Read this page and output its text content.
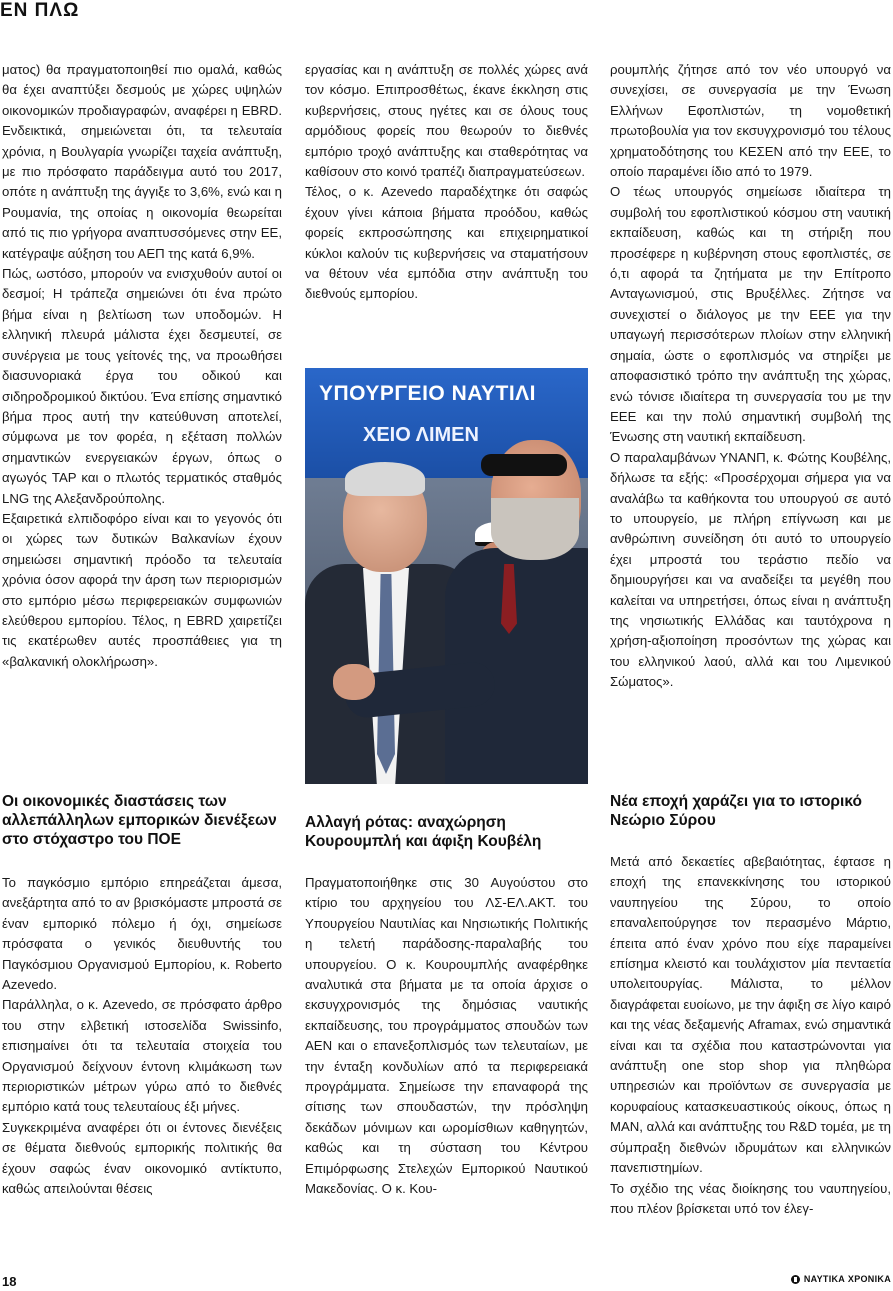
ΕΝ ΠΛΩ

ματος) θα πραγματοποιηθεί πιο ομαλά, καθώς θα έχει αναπτύξει δεσμούς με χώρες υψηλών οικονομικών προδιαγραφών, αναφέρει η EBRD. Ενδεικτικά, σημειώνεται ότι, τα τελευταία χρόνια, η Βουλγαρία γνωρίζει ταχεία ανάπτυξη, με πιο πρόσφατο παράδειγμα αυτό του 2017, οπότε η ανάπτυξη της άγγιξε το 3,6%, ενώ και η Ρουμανία, της οποίας η οικονομία θεωρείται από τις πιο γρήγορα αναπτυσσόμενες στην ΕΕ, κατέγραψε αύξηση του ΑΕΠ της κατά 6,9%.

Πώς, ωστόσο, μπορούν να ενισχυθούν αυτοί οι δεσμοί; Η τράπεζα σημειώνει ότι ένα πρώτο βήμα είναι η βελτίωση των υποδομών. Η ελληνική πλευρά μάλιστα έχει δεσμευτεί, σε συνέργεια με τους γείτονές της, να προωθήσει διασυνοριακά έργα του οδικού και σιδηροδρομικού δικτύου. Ένα επίσης σημαντικό βήμα προς αυτή την κατεύθυνση αποτελεί, σύμφωνα με τον φορέα, η εξέταση πολλών σημαντικών ενεργειακών έργων, όπως ο αγωγός TAP και ο πλωτός τερματικός σταθμός LNG της Αλεξανδρούπολης.

Εξαιρετικά ελπιδοφόρο είναι και το γεγονός ότι οι χώρες των δυτικών Βαλκανίων έχουν σημειώσει σημαντική πρόοδο τα τελευταία χρόνια όσον αφορά την άρση των περιορισμών στο εμπόριο μέσω περιφερειακών συμφωνιών ελεύθερου εμπορίου. Τέλος, η EBRD χαιρετίζει τις εκατέρωθεν αυτές προσπάθειες για τη «βαλκανική ολοκλήρωση».

Οι οικονομικές διαστάσεις των αλλεπάλληλων εμπορικών διενέξεων στο στόχαστρο του ΠΟΕ

Το παγκόσμιο εμπόριο επηρεάζεται άμεσα, ανεξάρτητα από το αν βρισκόμαστε μπροστά σε έναν εμπορικό πόλεμο ή όχι, σημείωσε πρόσφατα ο γενικός διευθυντής του Παγκόσμιου Οργανισμού Εμπορίου, κ. Roberto Azevedo.

Παράλληλα, ο κ. Azevedo, σε πρόσφατο άρθρο του στην ελβετική ιστοσελίδα Swissinfo, επισημαίνει ότι τα τελευταία στοιχεία του Οργανισμού δείχνουν έντονη κλιμάκωση των περιοριστικών μέτρων γύρω από το διεθνές εμπόριο κατά τους τελευταίους έξι μήνες.

Συγκεκριμένα αναφέρει ότι οι έντονες διενέξεις σε θέματα διεθνούς εμπορικής πολιτικής θα έχουν σαφώς έναν οικονομικό αντίκτυπο, καθώς απειλούνται θέσεις

εργασίας και η ανάπτυξη σε πολλές χώρες ανά τον κόσμο. Επιπροσθέτως, έκανε έκκληση στις κυβερνήσεις, στους ηγέτες και σε όλους τους αρμόδιους φορείς που θεωρούν το διεθνές εμπόριο τροχό ανάπτυξης και σταθερότητας να καθίσουν στο κοινό τραπέζι διαπραγματεύσεων.

Τέλος, ο κ. Azevedo παραδέχτηκε ότι σαφώς έχουν γίνει κάποια βήματα προόδου, καθώς φορείς εκπροσώπησης και επιχειρηματικοί κύκλοι καλούν τις κυβερνήσεις να σταματήσουν να θέτουν νέα εμπόδια στην ανάπτυξη του διεθνούς εμπορίου.

Αλλαγή ρότας: αναχώρηση Κουρουμπλή και άφιξη Κουβέλη

Πραγματοποιήθηκε στις 30 Αυγούστου στο κτίριο του αρχηγείου του ΛΣ-ΕΛ.ΑΚΤ. του Υπουργείου Ναυτιλίας και Νησιωτικής Πολιτικής η τελετή παράδοσης-παραλαβής του υπουργείου. Ο κ. Κουρουμπλής αναφέρθηκε αναλυτικά στα βήματα με τα οποία άρχισε ο εκσυγχρονισμός της δημόσιας ναυτικής εκπαίδευσης, του προγράμματος σπουδών των ΑΕΝ και ο επανεξοπλισμός των τελευταίων, με την ένταξη κονδυλίων από τα περιφερειακά προγράμματα. Σημείωσε την επαναφορά της σίτισης των σπουδαστών, την πρόσληψη δεκάδων μόνιμων και ωρομίσθιων καθηγητών, καθώς και τη σύσταση του Κέντρου Επιμόρφωσης Στελεχών Εμπορικού Ναυτικού Μακεδονίας. Ο κ. Κου-

ΥΠΟΥΡΓΕΙΟ ΝΑΥΤΙΛΙ
ΧΕΙΟ ΛΙΜΕΝ

ρουμπλής ζήτησε από τον νέο υπουργό να συνεχίσει, σε συνεργασία με την Ένωση Ελλήνων Εφοπλιστών, τη νομοθετική πρωτοβουλία για τον εκσυγχρονισμό του τέλους χρηματοδότησης του ΚΕΣΕΝ από την ΕΕΕ, το οποίο παραμένει ίδιο από το 1979.

Ο τέως υπουργός σημείωσε ιδιαίτερα τη συμβολή του εφοπλιστικού κόσμου στη ναυτική εκπαίδευση, καθώς και τη στήριξη που προσέφερε η κυβέρνηση στους εφοπλιστές, σε ό,τι αφορά τα ζητήματα με την Επίτροπο Ανταγωνισμού, στις Βρυξέλλες. Ζήτησε να συνεχιστεί ο διάλογος με την ΕΕΕ για την υπαγωγή περισσότερων πλοίων στην ελληνική σημαία, ώστε ο εφοπλισμός να στηρίξει με αποφασιστικό τρόπο την ανάπτυξη της χώρας, ενώ τόνισε ιδιαίτερα τη συνεργασία του με την ΕΕΕ και την πολύ σημαντική συμβολή της Ένωσης στη ναυτική εκπαίδευση.

Ο παραλαμβάνων ΥΝΑΝΠ, κ. Φώτης Κουβέλης, δήλωσε τα εξής: «Προσέρχομαι σήμερα για να αναλάβω τα καθήκοντα του υπουργού σε αυτό το υπουργείο, με πλήρη επίγνωση και με ανθρώπινη συνείδηση ότι αυτό το υπουργείο έχει μπροστά του τεράστιο πεδίο να δημιουργήσει και να αναδείξει τα μεγέθη που καλείται να υπηρετήσει, όπως είναι η ανάπτυξη της νησιωτικής Ελλάδας και ταυτόχρονα η χρήση-αξιοποίηση προσόντων της χώρας και του ελληνικού λαού, αλλά και του Λιμενικού Σώματος».

Νέα εποχή χαράζει για το ιστορικό Νεώριο Σύρου

Μετά από δεκαετίες αβεβαιότητας, έφτασε η εποχή της επανεκκίνησης του ιστορικού ναυπηγείου της Σύρου, το οποίο επαναλειτούργησε τον περασμένο Μάρτιο, έπειτα από έναν χρόνο που είχε παραμείνει επίσημα κλειστό και τουλάχιστον μία πενταετία υπολειτουργίας. Μάλιστα, το μέλλον διαγράφεται ευοίωνο, με την άφιξη σε λίγο καιρό και της νέας δεξαμενής Aframax, ενώ σημαντικά είναι και τα σχέδια που καταστρώνονται για ανάπτυξη one stop shop για πληθώρα υπηρεσιών και προϊόντων σε συνεργασία με κορυφαίους κατασκευαστικούς οίκους, όπως η MAN, αλλά και ανάπτυξης του R&D τομέα, με τη σύμπραξη διεθνών ιδρυμάτων και ελληνικών πανεπιστημίων.

Το σχέδιο της νέας διοίκησης του ναυπηγείου, που πλέον βρίσκεται υπό τον έλεγ-

18	ΝΑΥΤΙΚΑ ΧΡΟΝΙΚΑ
